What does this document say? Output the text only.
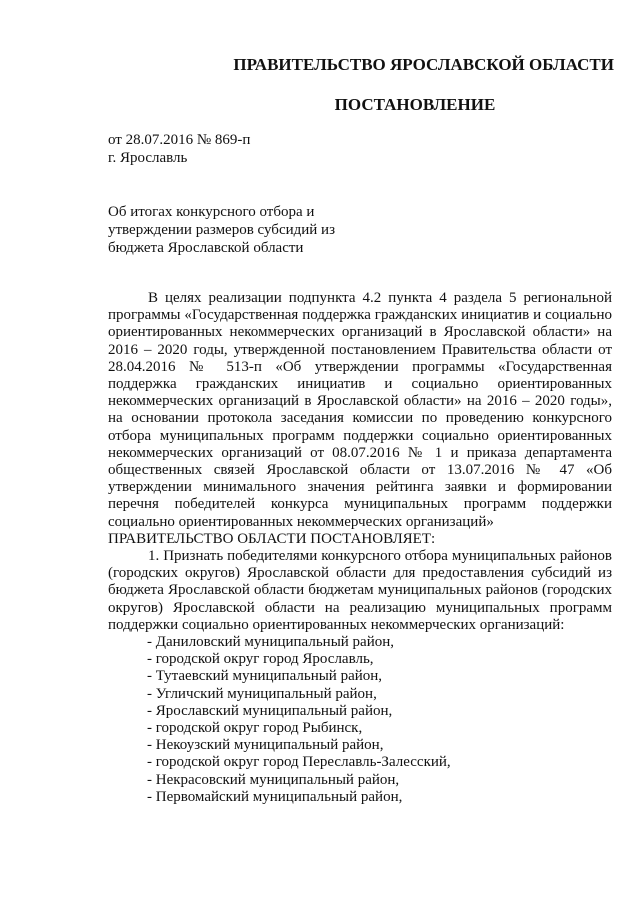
ПРАВИТЕЛЬСТВО ЯРОСЛАВСКОЙ ОБЛАСТИ
ПОСТАНОВЛЕНИЕ
от 28.07.2016 № 869-п
г. Ярославль
Об итогах конкурсного отбора и
утверждении размеров субсидий из
бюджета Ярославской области

В целях реализации подпункта 4.2 пункта 4 раздела 5 региональной программы «Государственная поддержка гражданских инициатив и социально ориентированных некоммерческих организаций в Ярославской области» на 2016 – 2020 годы, утвержденной постановлением Правительства области от 28.04.2016 № 513-п «Об утверждении программы «Государственная поддержка гражданских инициатив и социально ориентированных некоммерческих организаций в Ярославской области» на 2016 – 2020 годы», на основании протокола заседания комиссии по проведению конкурсного отбора муниципальных программ поддержки социально ориентированных некоммерческих организаций от 08.07.2016 № 1 и приказа департамента общественных связей Ярославской области от 13.07.2016 № 47 «Об утверждении минимального значения рейтинга заявки и формировании перечня победителей конкурса муниципальных программ поддержки социально ориентированных некоммерческих организаций»

ПРАВИТЕЛЬСТВО ОБЛАСТИ ПОСТАНОВЛЯЕТ:

1. Признать победителями конкурсного отбора муниципальных районов (городских округов) Ярославской области для предоставления субсидий из бюджета Ярославской области бюджетам муниципальных районов (городских округов) Ярославской области на реализацию муниципальных программ поддержки социально ориентированных некоммерческих организаций:

- Даниловский муниципальный район,
- городской округ город Ярославль,
- Тутаевский муниципальный район,
- Угличский муниципальный район,
- Ярославский муниципальный район,
- городской округ город Рыбинск,
- Некоузский муниципальный район,
- городской округ город Переславль-Залесский,
- Некрасовский муниципальный район,
- Первомайский муниципальный район,
